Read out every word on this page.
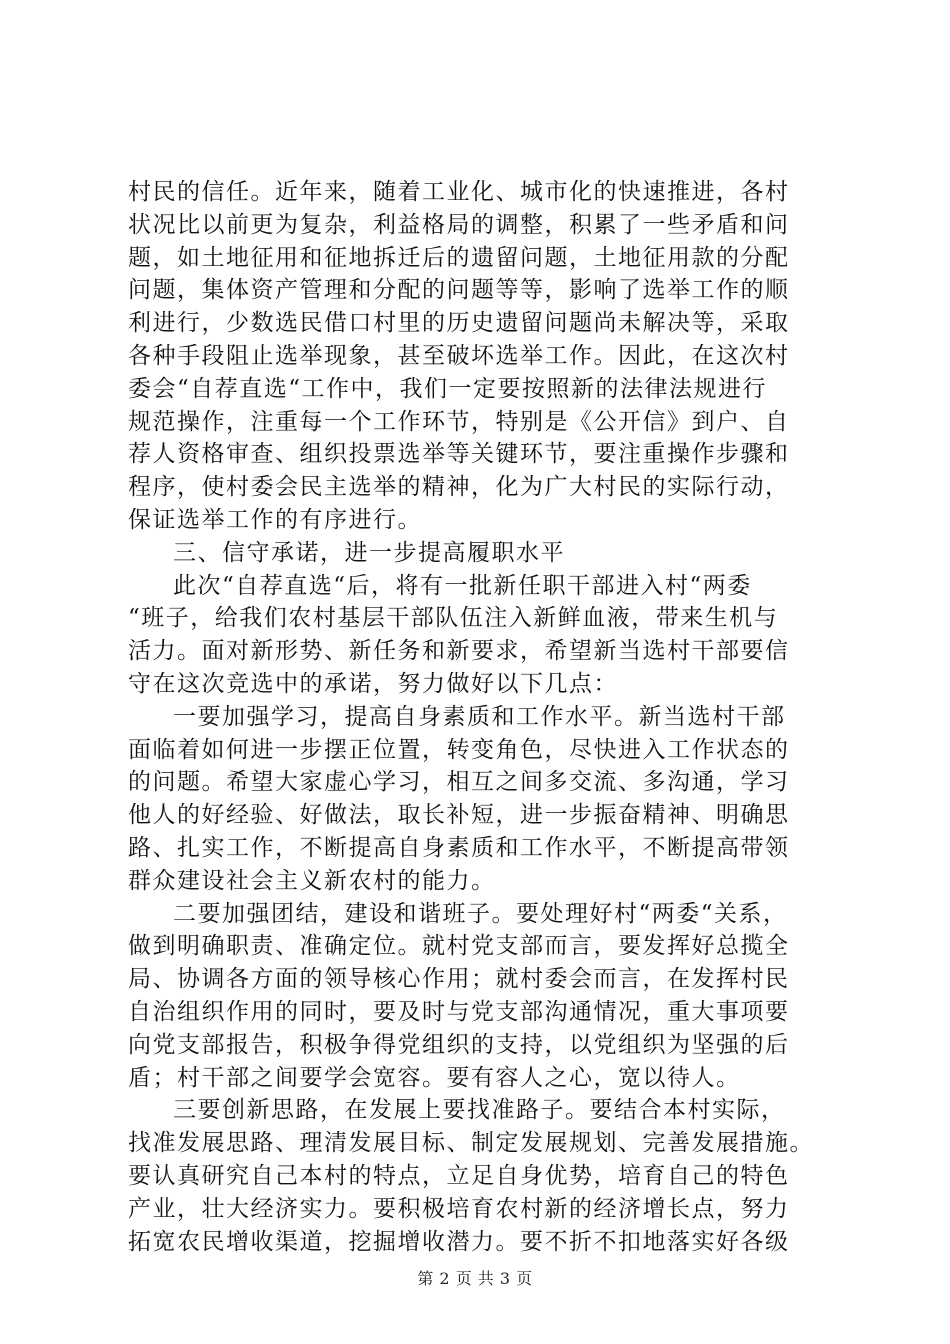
村民的信任。近年来，随着工业化、城市化的快速推进，各村
状况比以前更为复杂，利益格局的调整，积累了一些矛盾和问
题，如土地征用和征地拆迁后的遗留问题，土地征用款的分配
问题，集体资产管理和分配的问题等等，影响了选举工作的顺
利进行，少数选民借口村里的历史遗留问题尚未解决等，采取
各种手段阻止选举现象，甚至破坏选举工作。因此，在这次村
委会“自荐直选“工作中，我们一定要按照新的法律法规进行
规范操作，注重每一个工作环节，特别是《公开信》到户、自
荐人资格审查、组织投票选举等关键环节，要注重操作步骤和
程序，使村委会民主选举的精神，化为广大村民的实际行动，
保证选举工作的有序进行。
三、信守承诺，进一步提高履职水平
此次“自荐直选“后，将有一批新任职干部进入村“两委
“班子，给我们农村基层干部队伍注入新鲜血液，带来生机与
活力。面对新形势、新任务和新要求，希望新当选村干部要信
守在这次竞选中的承诺，努力做好以下几点：
一要加强学习，提高自身素质和工作水平。新当选村干部
面临着如何进一步摆正位置，转变角色，尽快进入工作状态的
的问题。希望大家虚心学习，相互之间多交流、多沟通，学习
他人的好经验、好做法，取长补短，进一步振奋精神、明确思
路、扎实工作，不断提高自身素质和工作水平，不断提高带领
群众建设社会主义新农村的能力。
二要加强团结，建设和谐班子。要处理好村“两委“关系，
做到明确职责、准确定位。就村党支部而言，要发挥好总揽全
局、协调各方面的领导核心作用；就村委会而言，在发挥村民
自治组织作用的同时，要及时与党支部沟通情况，重大事项要
向党支部报告，积极争得党组织的支持，以党组织为坚强的后
盾；村干部之间要学会宽容。要有容人之心，宽以待人。
三要创新思路，在发展上要找准路子。要结合本村实际，
找准发展思路、理清发展目标、制定发展规划、完善发展措施。
要认真研究自己本村的特点，立足自身优势，培育自己的特色
产业，壮大经济实力。要积极培育农村新的经济增长点，努力
拓宽农民增收渠道，挖掘增收潜力。要不折不扣地落实好各级
第 2 页 共 3 页
